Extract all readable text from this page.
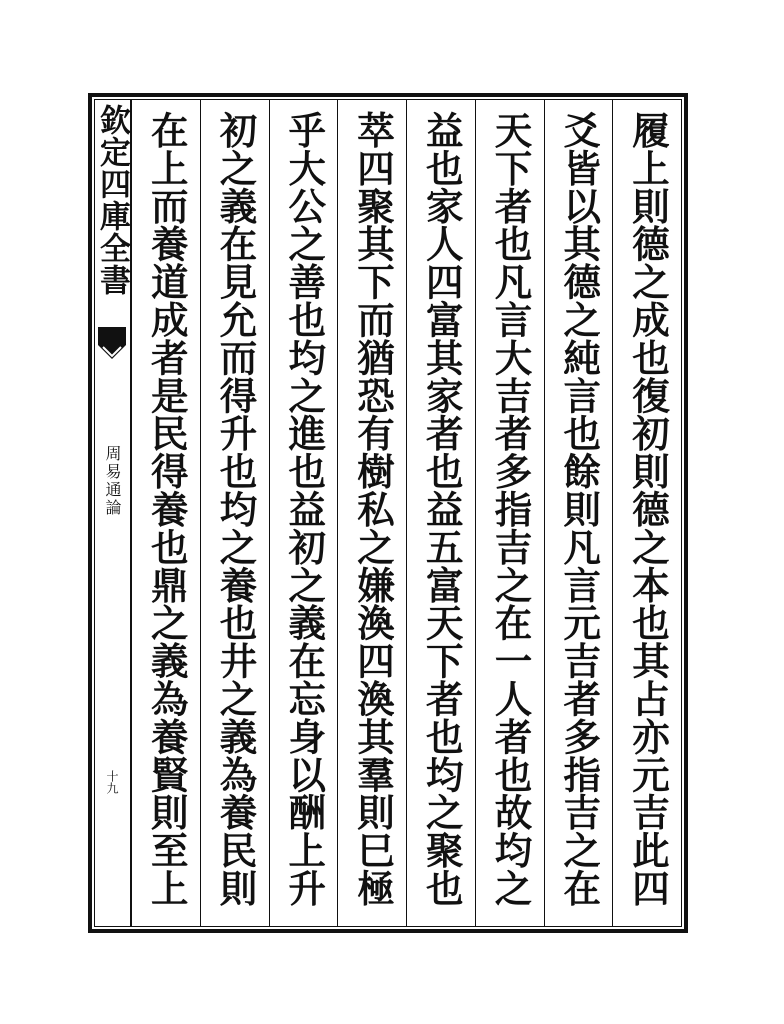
欽定四庫全書
周易通論
十九	履上則德之成也復初則德之本也其占亦元吉此四
爻皆以其德之純言也餘則凡言元吉者多指吉之在
天下者也凡言大吉者多指吉之在一人者也故均之
益也家人四富其家者也益五富天下者也均之聚也
萃四聚其下而猶恐有樹私之嫌渙四渙其羣則巳極
乎大公之善也均之進也益初之義在忘身以酬上升
初之義在見允而得升也均之養也井之義為養民則
在上而養道成者是民得養也鼎之義為養賢則至上
